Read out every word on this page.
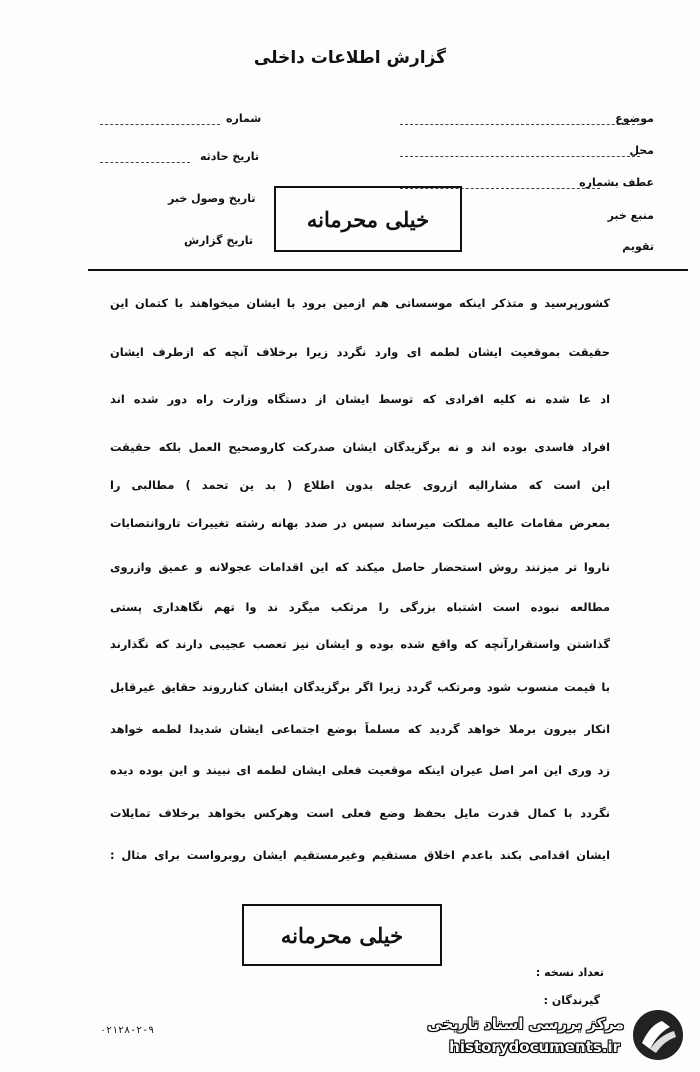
گزارش اطلاعات داخلی
موضوع
محل
عطف بشماره
منبع خبر
تقویم
شماره
تاریخ حادثه
تاریخ وصول خبر
تاریخ گزارش
خیلی محرمانه
کشورپرسید و متذکر اینکه موسساتی هم ازمین برود با ایشان میخواهند با کتمان این
حقیقت بموقعیت ایشان لطمه ای وارد نگردد زیرا برخلاف آنچه که ازطرف ایشان
اد عا شده نه کلیه افرادی که توسط ایشان از دستگاه وزارت راه دور شده اند
افراد فاسدی بوده اند و نه برگزیدگان ایشان صدرکت کاروصحیح العمل بلکه حقیقت
این است که مشارالیه ازروی عجله بدون اطلاع ( بد ین تحمد ) مطالبی را
بمعرض مقامات عالیه مملکت میرساند سپس در صدد بهانه رشته تغییرات تاروانتصابات
ناروا تر میزنند روش استحضار حاصل میکند که این اقدامات عجولانه و عمیق وازروی
مطالعه نبوده است اشتباه بزرگی را مرتکب میگرد ند وا تهم نگاهداری پستی
گذاشتن واستقرارآنچه که واقع شده بوده و ایشان نیز تعصب عجیبی دارند که نگذارند
با قیمت منسوب شود ومرتکب گردد زیرا اگر برگزیدگان ایشان کنارروند حقایق غیرقابل
انکار بیرون برملا خواهد گردید که مسلماً بوضع اجتماعی ایشان شدیدا لطمه خواهد
زد وری این امر اصل عیران اینکه موقعیت فعلی ایشان لطمه ای نبیند و این بوده دیده
نگردد با کمال قدرت مایل بحفظ وضع فعلی است وهرکس بخواهد برخلاف تمایلات
ایشان اقدامی بکند باعدم اخلاق مستقیم وغیرمستقیم ایشان روبرواست برای مثال :
خیلی محرمانه
تعداد نسخه :
گیرندگان :
۰۲۱۲۸-۲-۹	مرکز بررسی اسناد تاریخی
historydocuments.ir
